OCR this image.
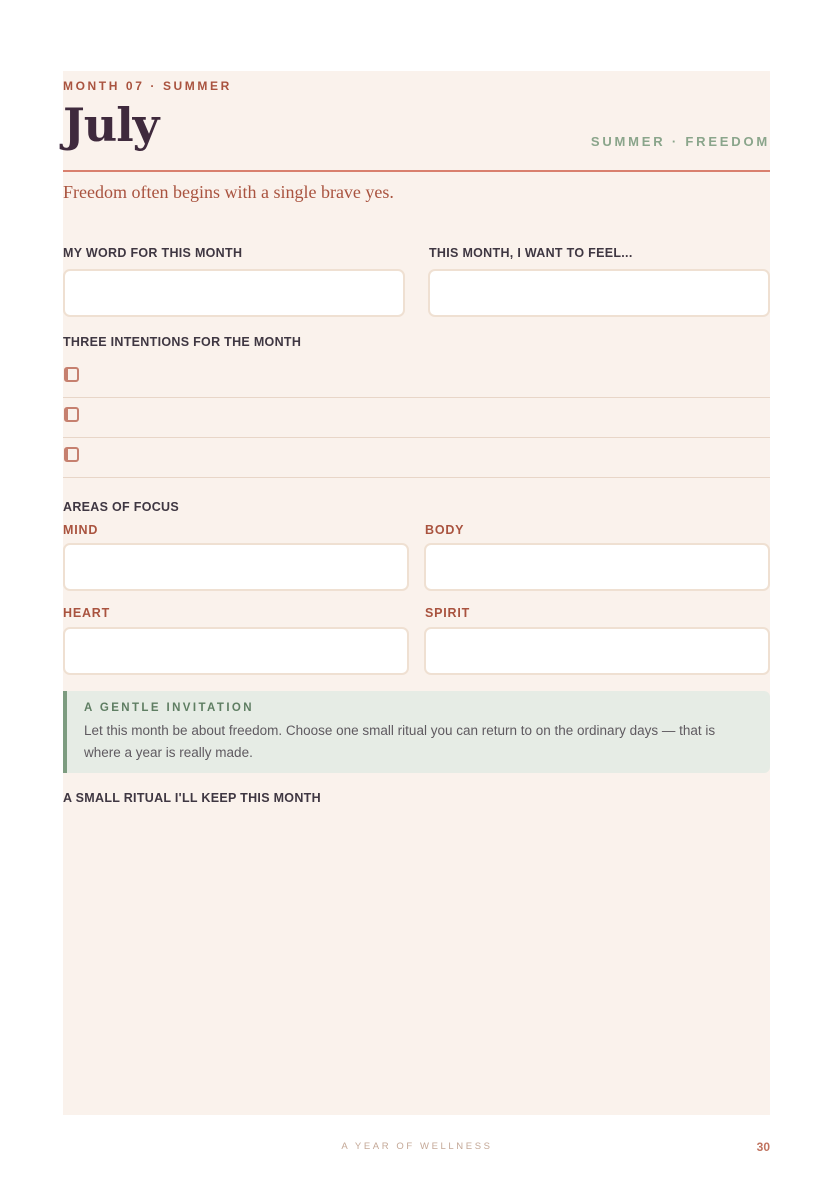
MONTH 07 · SUMMER
July	SUMMER · FREEDOM
Freedom often begins with a single brave yes.
MY WORD FOR THIS MONTH	THIS MONTH, I WANT TO FEEL...
THREE INTENTIONS FOR THE MONTH
AREAS OF FOCUS
MIND	BODY
HEART	SPIRIT
A GENTLE INVITATION
Let this month be about freedom. Choose one small ritual you can return to on the ordinary days — that is where a year is really made.
A SMALL RITUAL I'LL KEEP THIS MONTH
A YEAR OF WELLNESS	30
